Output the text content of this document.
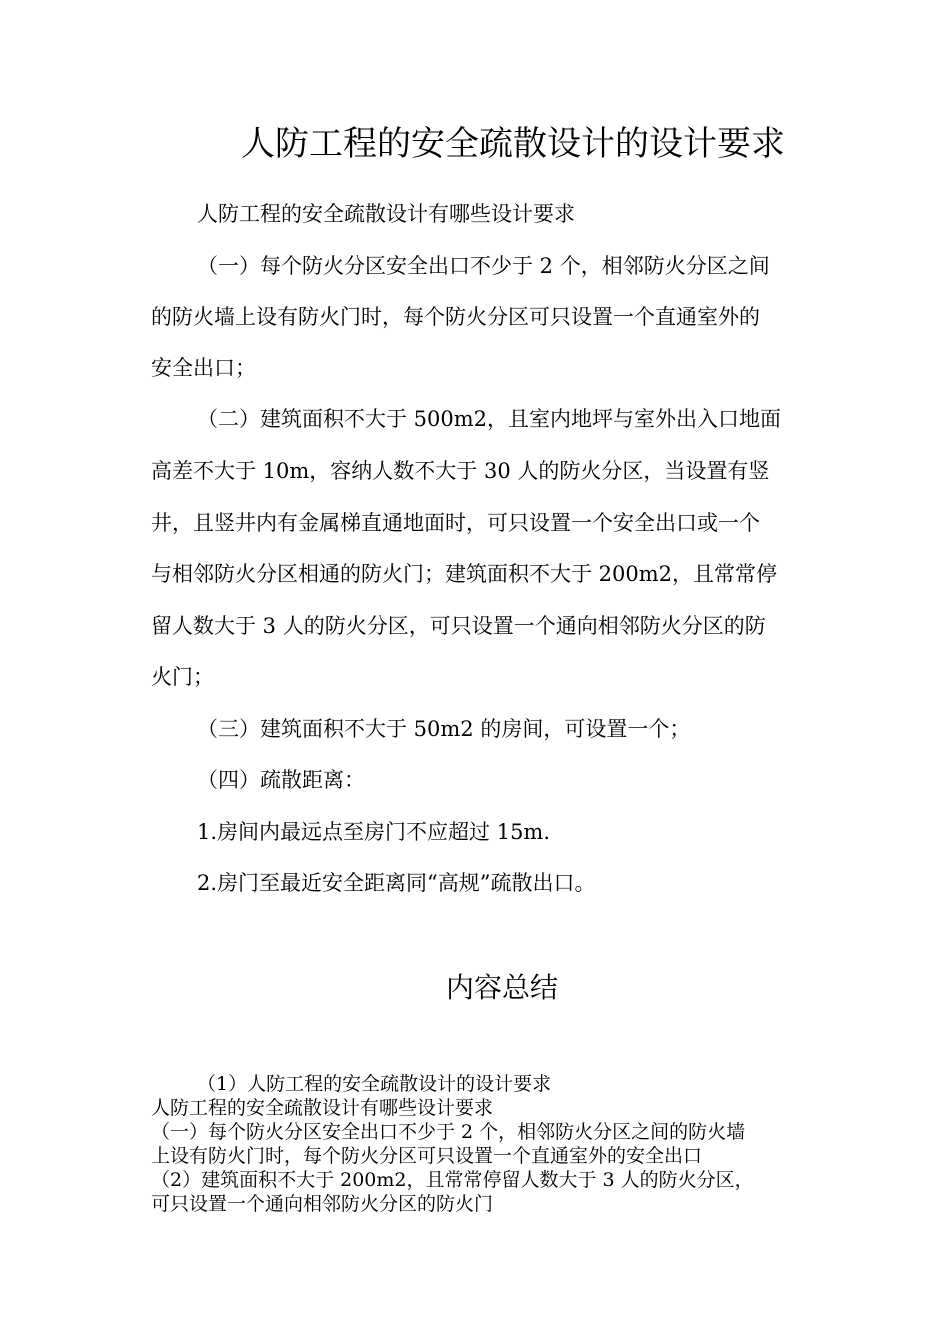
人防工程的安全疏散设计的设计要求
人防工程的安全疏散设计有哪些设计要求
（一）每个防火分区安全出口不少于 2 个，相邻防火分区之间
的防火墙上设有防火门时，每个防火分区可只设置一个直通室外的
安全出口；
（二）建筑面积不大于 500m2，且室内地坪与室外出入口地面
高差不大于 10m，容纳人数不大于 30 人的防火分区，当设置有竖
井，且竖井内有金属梯直通地面时，可只设置一个安全出口或一个
与相邻防火分区相通的防火门；建筑面积不大于 200m2，且常常停
留人数大于 3 人的防火分区，可只设置一个通向相邻防火分区的防
火门；
（三）建筑面积不大于 50m2 的房间，可设置一个；
（四）疏散距离：
1.房间内最远点至房门不应超过 15m.
2.房门至最近安全距离同“高规”疏散出口。
内容总结
（1）人防工程的安全疏散设计的设计要求
人防工程的安全疏散设计有哪些设计要求
（一）每个防火分区安全出口不少于 2 个，相邻防火分区之间的防火墙
上设有防火门时，每个防火分区可只设置一个直通室外的安全出口
（2）建筑面积不大于 200m2，且常常停留人数大于 3 人的防火分区，
可只设置一个通向相邻防火分区的防火门
